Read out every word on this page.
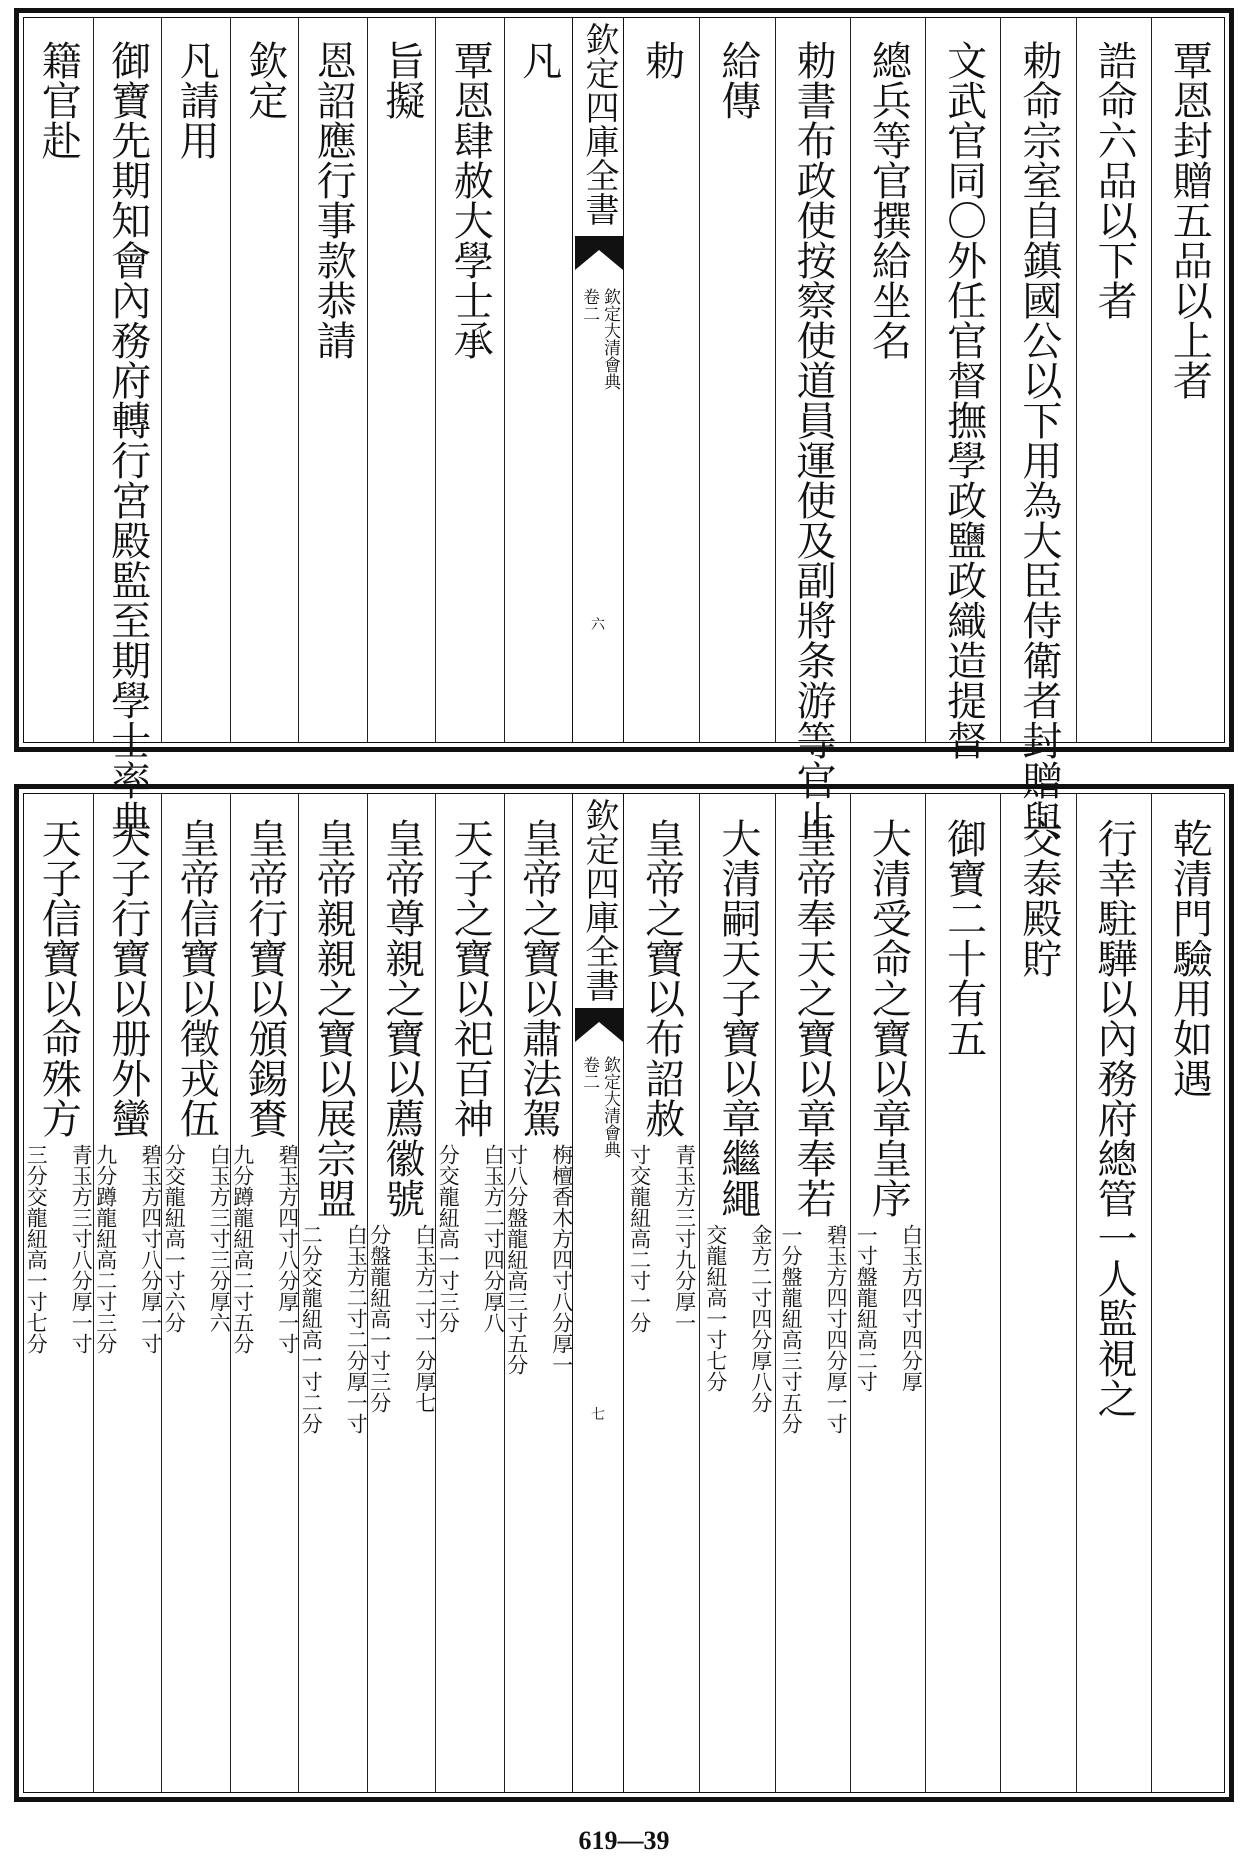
覃恩封贈五品以上者
誥命六品以下者
勅命宗室自鎮國公以下用為大臣侍衛者封贈與
文武官同〇外任官督撫學政鹽政織造提督
總兵等官撰給坐名
勅書布政使按察使道員運使及副將条游等官止
給傳
勅
凡
覃恩肆赦大學士承
旨擬
恩詔應行事款恭請
欽定
凡請用
御寶先期知會內務府轉行宮殿監至期學士率典
籍官赴	欽定四庫全書
欽定大清會典
卷二
六
乾清門驗用如遇
行幸駐驊以內務府總管一人監視之
交泰殿貯
御寶二十有五
大清受命之寶以章皇序
白玉方四寸四分厚
一寸盤龍紐高二寸
皇帝奉天之寶以章奉若
碧玉方四寸四分厚一寸
一分盤龍紐高三寸五分
大清嗣天子寶以章繼繩
金方二寸四分厚八分
交龍紐高一寸七分
皇帝之寶以布詔赦
青玉方三寸九分厚一
寸交龍紐高二寸一分
皇帝之寶以肅法駕
栴檀香木方四寸八分厚一
寸八分盤龍紐高三寸五分
天子之寶以祀百神
白玉方二寸四分厚八
分交龍紐高一寸三分
皇帝尊親之寶以薦徽號
白玉方二寸一分厚七
分盤龍紐高一寸三分
皇帝親親之寶以展宗盟
白玉方二寸二分厚一寸
二分交龍紐高一寸二分
皇帝行寶以頒錫賚
碧玉方四寸八分厚一寸
九分蹲龍紐高二寸五分
皇帝信寶以徵戎伍
白玉方三寸三分厚六
分交龍紐高一寸六分
天子行寶以册外蠻
碧玉方四寸八分厚一寸
九分蹲龍紐高二寸三分
天子信寶以命殊方
青玉方三寸八分厚一寸
三分交龍紐高一寸七分
欽定四庫全書
欽定大清會典
卷二
七
619—39
